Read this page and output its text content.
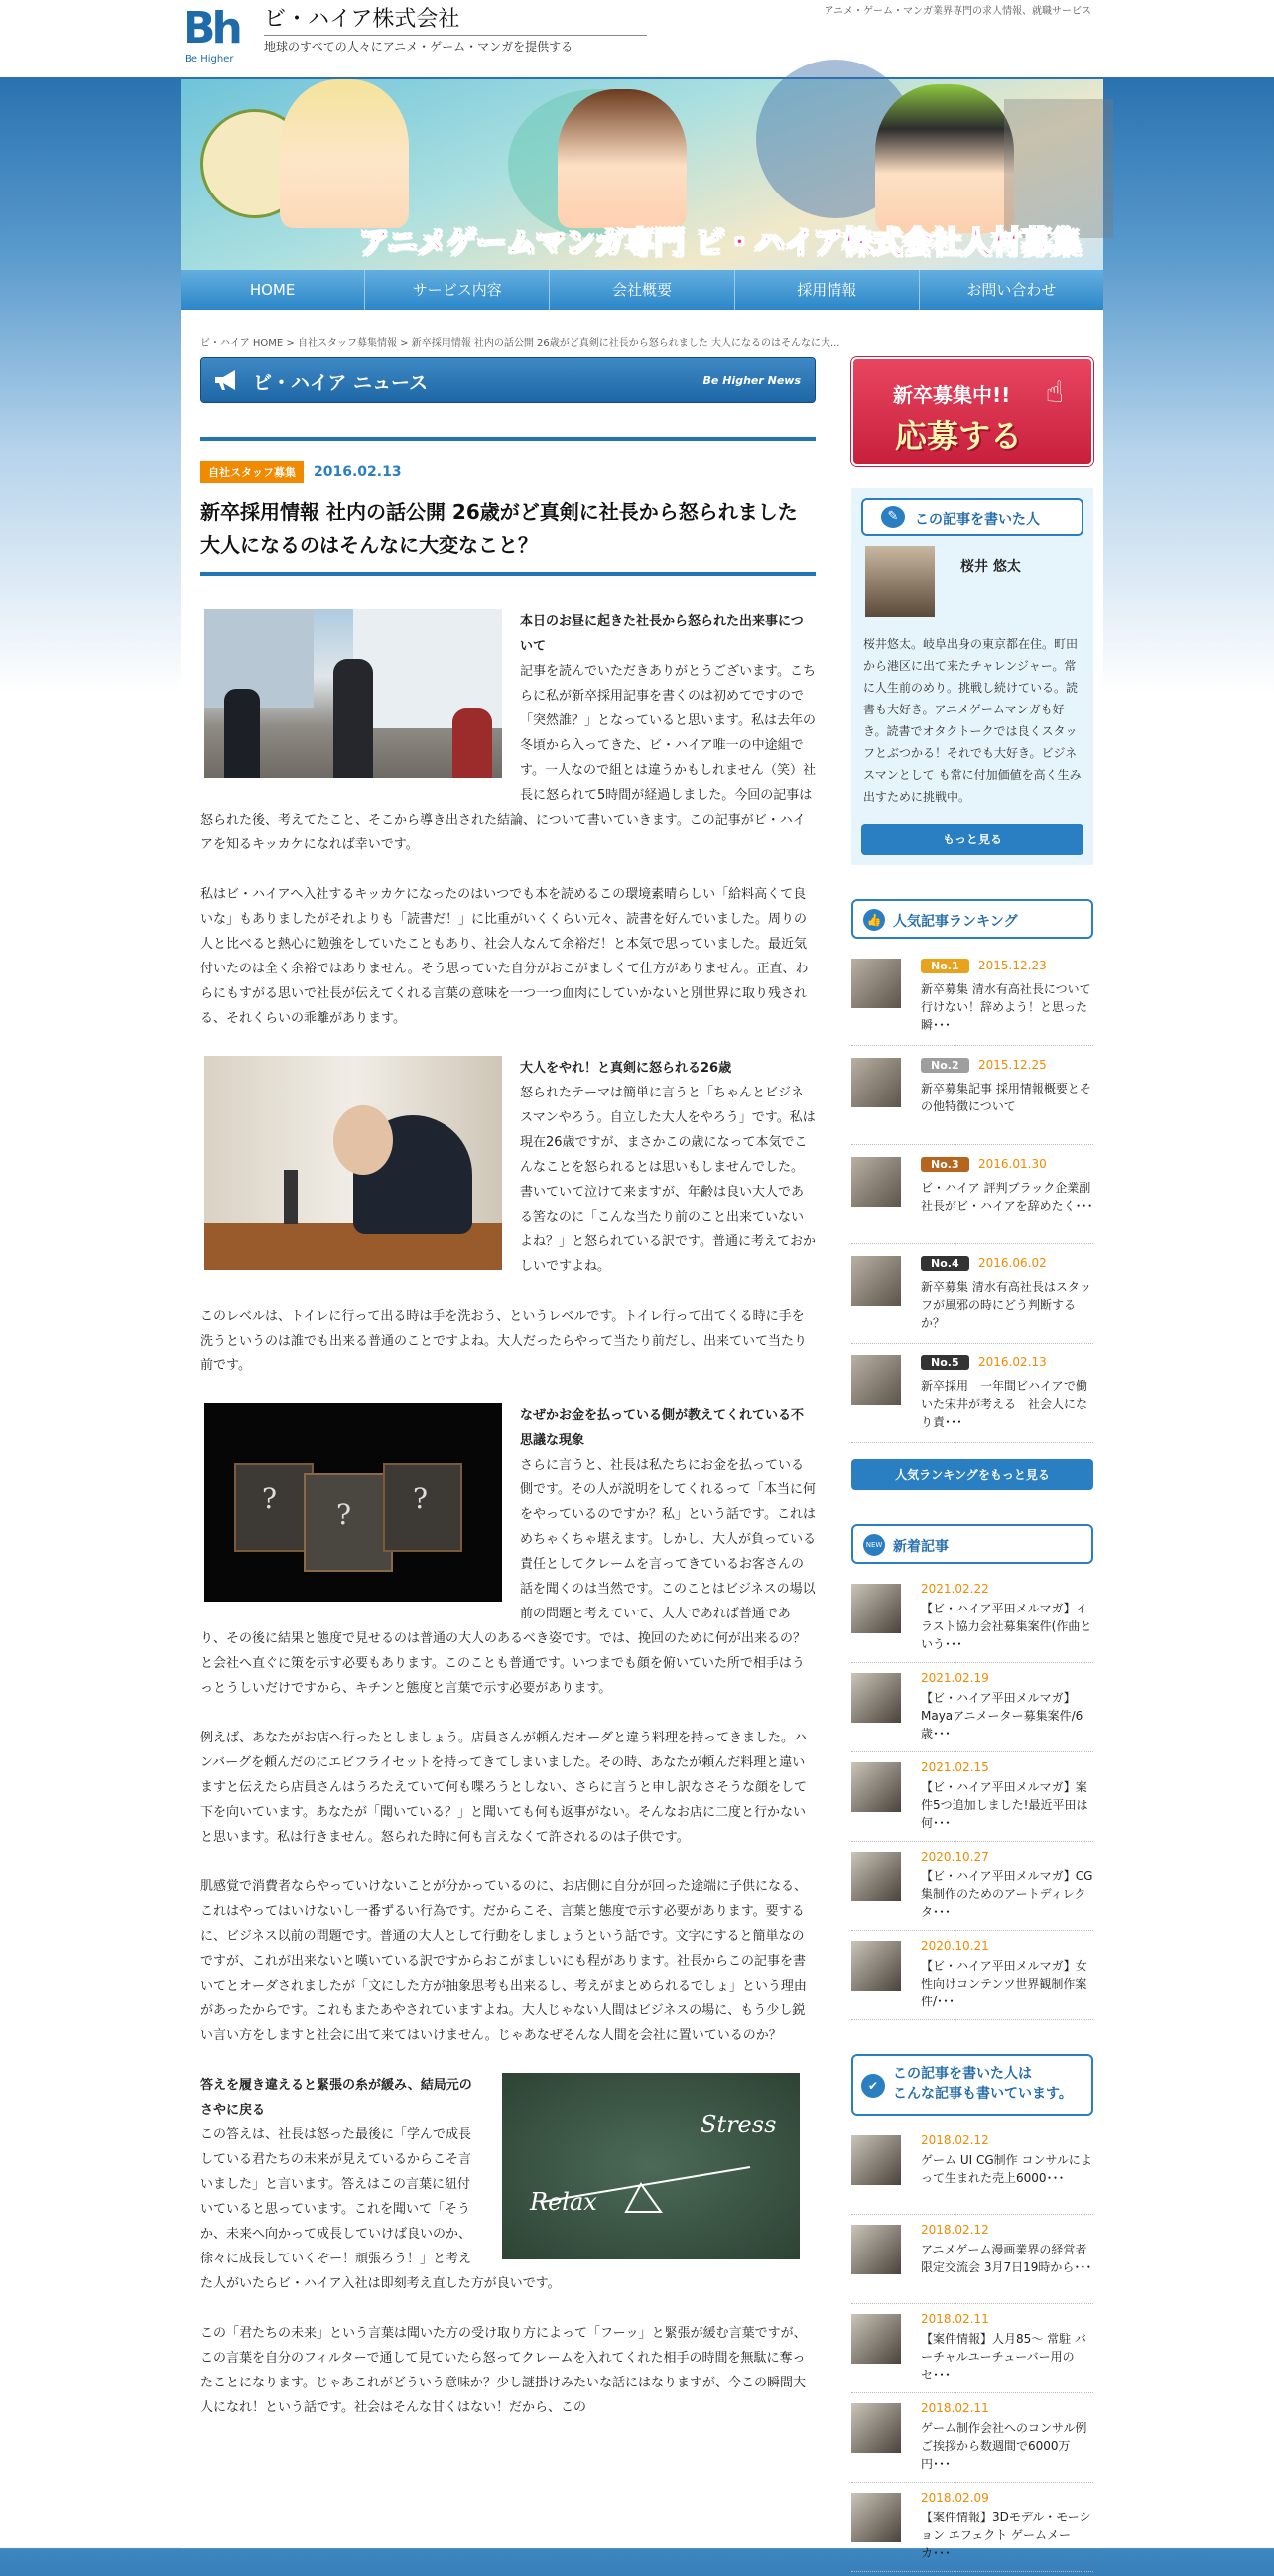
Bh
Be Higher
ビ・ハイア株式会社
地球のすべての人々にアニメ・ゲーム・マンガを提供する
アニメ・ゲーム・マンガ業界専門の求人情報、就職サービス
アニメゲームマンガ専門 ビ・ハイア株式会社人材募集
HOME	サービス内容	会社概要	採用情報	お問い合わせ
ビ・ハイア HOME > 自社スタッフ募集情報 > 新卒採用情報 社内の話公開 26歳がど真剣に社長から怒られました 大人になるのはそんなに大...
ビ・ハイア ニュース	Be Higher News
自社スタッフ募集	2016.02.13
新卒採用情報 社内の話公開 26歳がど真剣に社長から怒られました 大人になるのはそんなに大変なこと？
本日のお昼に起きた社長から怒られた出来事について

記事を読んでいただきありがとうございます。こちらに私が新卒採用記事を書くのは初めてですので「突然誰？」となっていると思います。私は去年の冬頃から入ってきた、ビ・ハイア唯一の中途組です。一人なので組とは違うかもしれません（笑）社長に怒られて5時間が経過しました。今回の記事は怒られた後、考えてたこと、そこから導き出された結論、について書いていきます。この記事がビ・ハイアを知るキッカケになれば幸いです。

私はビ・ハイアへ入社するキッカケになったのはいつでも本を読めるこの環境素晴らしい「給料高くて良いな」もありましたがそれよりも「読書だ！」に比重がいくくらい元々、読書を好んでいました。周りの人と比べると熱心に勉強をしていたこともあり、社会人なんて余裕だ！と本気で思っていました。最近気付いたのは全く余裕ではありません。そう思っていた自分がおこがましくて仕方がありません。正直、わらにもすがる思いで社長が伝えてくれる言葉の意味を一つ一つ血肉にしていかないと別世界に取り残される、それくらいの乖離があります。

大人をやれ！と真剣に怒られる26歳

怒られたテーマは簡単に言うと「ちゃんとビジネスマンやろう。自立した大人をやろう」です。私は現在26歳ですが、まさかこの歳になって本気でこんなことを怒られるとは思いもしませんでした。書いていて泣けて来ますが、年齢は良い大人である筈なのに「こんな当たり前のこと出来ていないよね？」と怒られている訳です。普通に考えておかしいですよね。

このレベルは、トイレに行って出る時は手を洗おう、というレベルです。トイレ行って出てくる時に手を洗うというのは誰でも出来る普通のことですよね。大人だったらやって当たり前だし、出来ていて当たり前です。

? ? ?
なぜかお金を払っている側が教えてくれている不思議な現象

さらに言うと、社長は私たちにお金を払っている側です。その人が説明をしてくれるって「本当に何をやっているのですか？私」という話です。これはめちゃくちゃ堪えます。しかし、大人が負っている責任としてクレームを言ってきているお客さんの話を聞くのは当然です。このことはビジネスの場以前の問題と考えていて、大人であれば普通であり、その後に結果と態度で見せるのは普通の大人のあるべき姿です。では、挽回のために何が出来るの？と会社へ直ぐに策を示す必要もあります。このことも普通です。いつまでも顔を俯いていた所で相手はうっとうしいだけですから、キチンと態度と言葉で示す必要があります。

例えば、あなたがお店へ行ったとしましょう。店員さんが頼んだオーダと違う料理を持ってきました。ハンバーグを頼んだのにエビフライセットを持ってきてしまいました。その時、あなたが頼んだ料理と違いますと伝えたら店員さんはうろたえていて何も喋ろうとしない、さらに言うと申し訳なさそうな顔をして下を向いています。あなたが「聞いている？」と聞いても何も返事がない。そんなお店に二度と行かないと思います。私は行きません。怒られた時に何も言えなくて許されるのは子供です。

肌感覚で消費者ならやっていけないことが分かっているのに、お店側に自分が回った途端に子供になる、これはやってはいけないし一番ずるい行為です。だからこそ、言葉と態度で示す必要があります。要するに、ビジネス以前の問題です。普通の大人として行動をしましょうという話です。文字にすると簡単なのですが、これが出来ないと嘆いている訳ですからおこがましいにも程があります。社長からこの記事を書いてとオーダされましたが「文にした方が抽象思考も出来るし、考えがまとめられるでしょ」という理由があったからです。これもまたあやされていますよね。大人じゃない人間はビジネスの場に、もう少し鋭い言い方をしますと社会に出て来てはいけません。じゃあなぜそんな人間を会社に置いているのか？

Relax
Stress
答えを履き違えると緊張の糸が緩み、結局元のさやに戻る

この答えは、社長は怒った最後に「学んで成長している君たちの未来が見えているからこそ言いました」と言います。答えはこの言葉に紐付いていると思っています。これを聞いて「そうか、未来へ向かって成長していけば良いのか、徐々に成長していくぞー！頑張ろう！」と考えた人がいたらビ・ハイア入社は即刻考え直した方が良いです。

この「君たちの未来」という言葉は聞いた方の受け取り方によって「フーッ」と緊張が緩む言葉ですが、この言葉を自分のフィルターで通して見ていたら怒ってクレームを入れてくれた相手の時間を無駄に奪ったことになります。じゃあこれがどういう意味か？少し謎掛けみたいな話にはなりますが、今この瞬間大人になれ！という話です。社会はそんな甘くはない！だから、この

新卒募集中!!
応募する
☝
✎	この記事を書いた人
桜井 悠太
桜井悠太。岐阜出身の東京都在住。町田から港区に出て来たチャレンジャー。常に人生前のめり。挑戦し続けている。読書も大好き。アニメゲームマンガも好き。読書でオタクトークでは良くスタッフとぶつかる！それでも大好き。ビジネスマンとして も常に付加価値を高く生み出すために挑戦中。
もっと見る
👍 人気記事ランキング
No.1	2015.12.23
新卒募集 清水有高社長について行けない！辞めよう！と思った瞬･･･
No.2	2015.12.25
新卒募集記事 採用情報概要とその他特徴について
No.3	2016.01.30
ビ・ハイア 評判ブラック企業副社長がビ・ハイアを辞めたく･･･
No.4	2016.06.02
新卒募集 清水有高社長はスタッフが風邪の時にどう判断するか？
No.5	2016.02.13
新卒採用　一年間ビハイアで働いた宋井が考える　社会人になり責･･･
人気ランキングをもっと見る
NEW 新着記事
2021.02.22
【ビ・ハイア平田メルマガ】イラスト協力会社募集案件(作曲という･･･
2021.02.19
【ビ・ハイア平田メルマガ】Mayaアニメーター募集案件/6歳･･･
2021.02.15
【ビ・ハイア平田メルマガ】案件5つ追加しました!最近平田は何･･･
2020.10.27
【ビ・ハイア平田メルマガ】CG集制作のためのアートディレクタ･･･
2020.10.21
【ビ・ハイア平田メルマガ】女性向けコンテンツ世界観制作案件/･･･
✔
この記事を書いた人は
こんな記事も書いています。
2018.02.12
ゲーム UI CG制作 コンサルによって生まれた売上6000･･･
2018.02.12
アニメゲーム漫画業界の経営者限定交流会 3月7日19時から･･･
2018.02.11
【案件情報】人月85〜 常駐 バーチャルユーチューバー用のセ･･･
2018.02.11
ゲーム制作会社へのコンサル例ご挨拶から数週間で6000万円･･･
2018.02.09
【案件情報】3Dモデル・モーション エフェクト ゲームメーカ･･･
